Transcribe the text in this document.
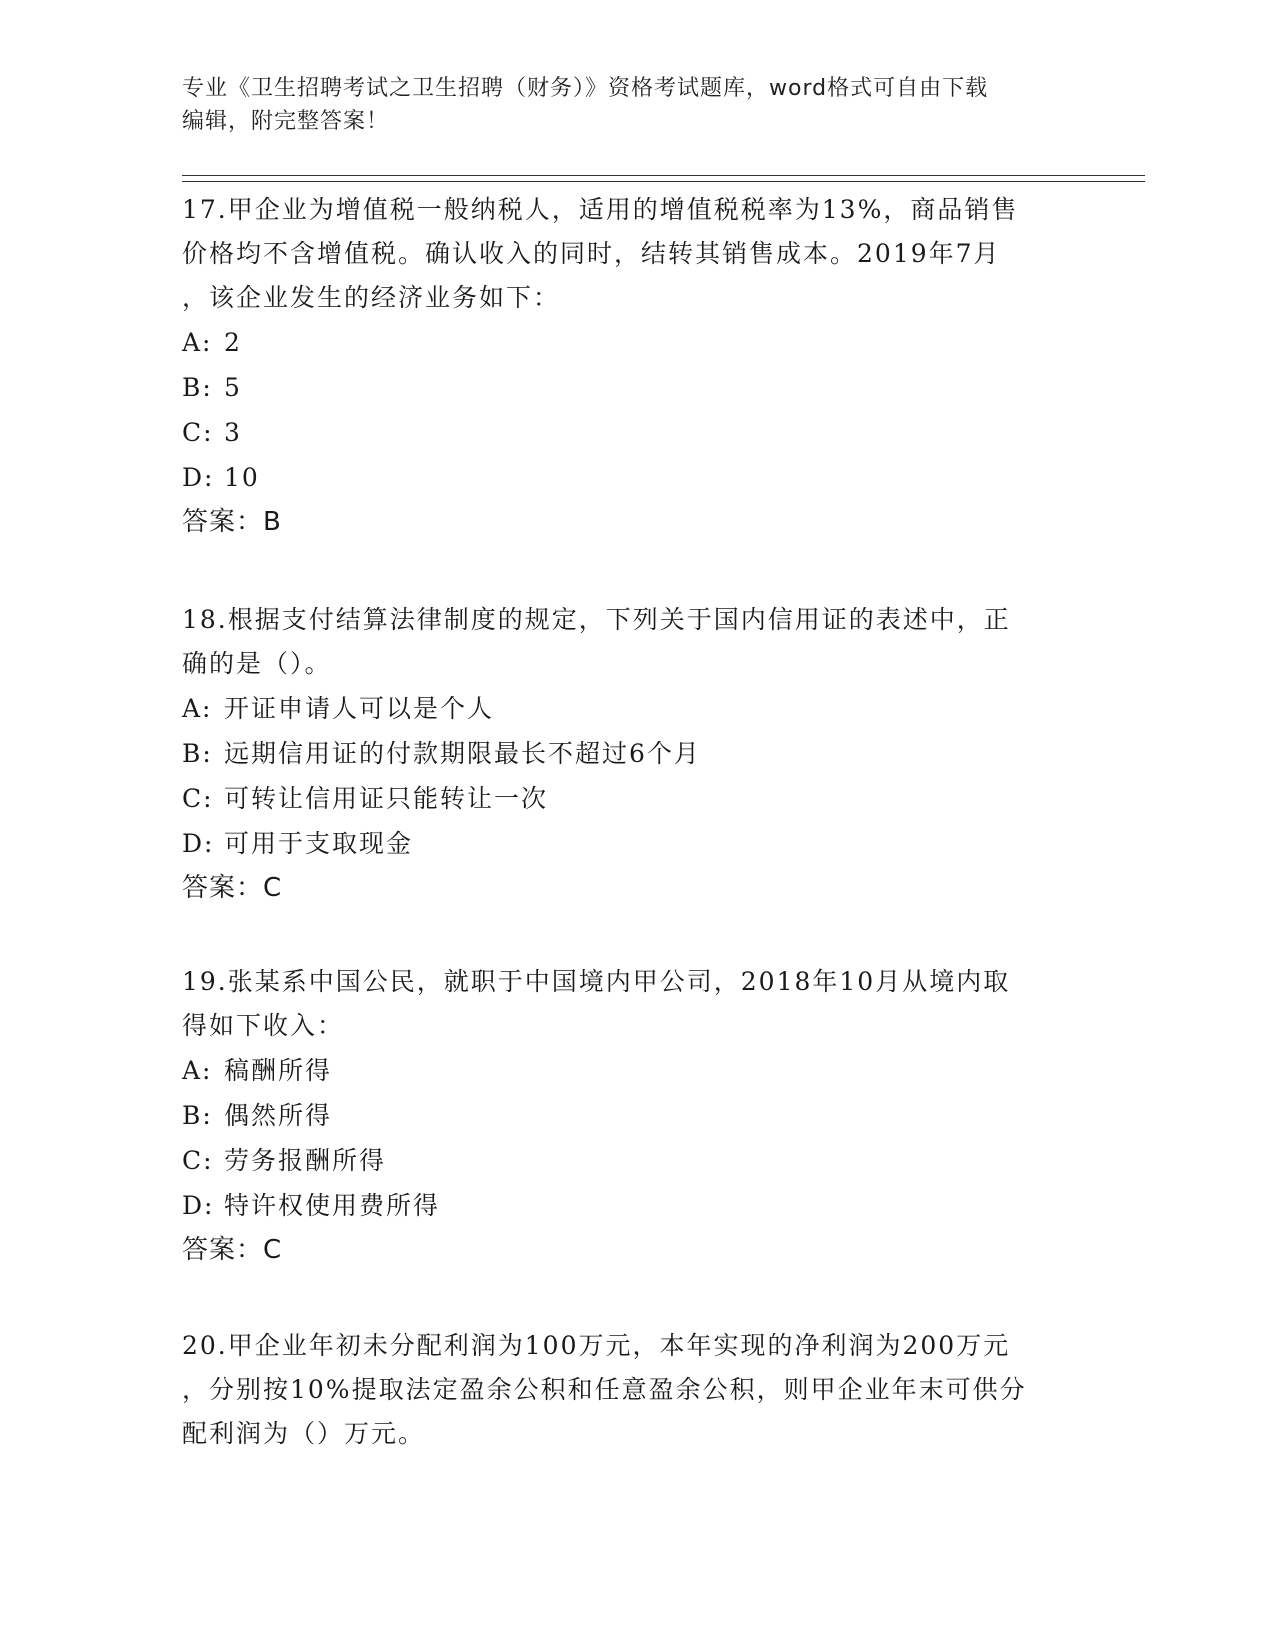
专业《卫生招聘考试之卫生招聘（财务）》资格考试题库，word格式可自由下载
编辑，附完整答案！
17.甲企业为增值税一般纳税人，适用的增值税税率为13%，商品销售
价格均不含增值税。确认收入的同时，结转其销售成本。2019年7月
，该企业发生的经济业务如下：
A: 2
B: 5
C: 3
D: 10
答案：B
18.根据支付结算法律制度的规定，下列关于国内信用证的表述中，正
确的是（）。
A: 开证申请人可以是个人
B: 远期信用证的付款期限最长不超过6个月
C: 可转让信用证只能转让一次
D: 可用于支取现金
答案：C
19.张某系中国公民，就职于中国境内甲公司，2018年10月从境内取
得如下收入：
A: 稿酬所得
B: 偶然所得
C: 劳务报酬所得
D: 特许权使用费所得
答案：C
20.甲企业年初未分配利润为100万元，本年实现的净利润为200万元
，分别按10%提取法定盈余公积和任意盈余公积，则甲企业年末可供分
配利润为（）万元。
